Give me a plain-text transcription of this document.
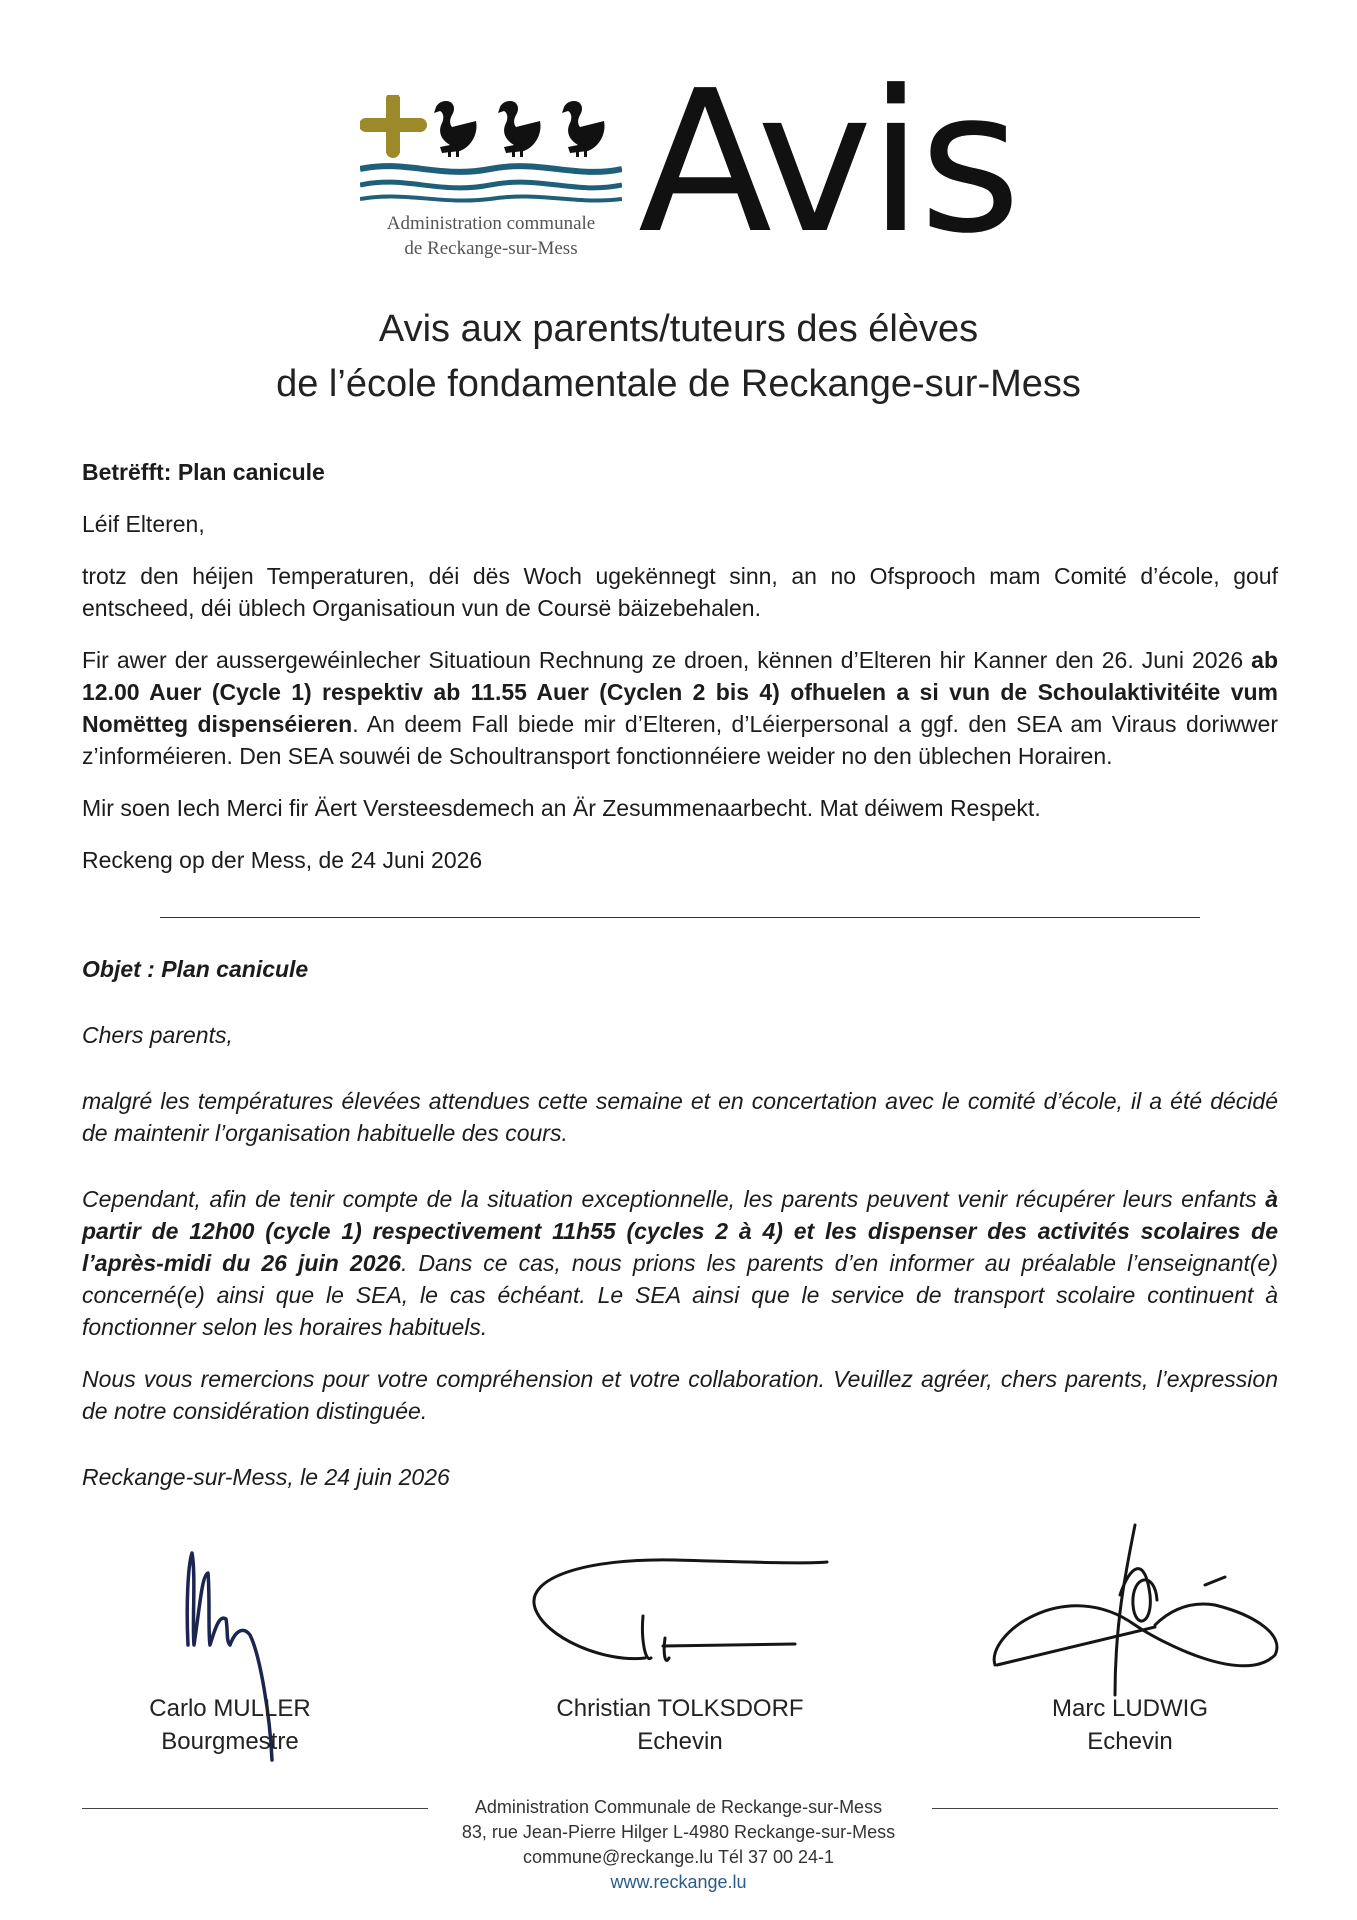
Administration communale
de Reckange-sur-Mess Avis
Avis aux parents/tuteurs des élèves
de l’école fondamentale de Reckange-sur-Mess

Betrëfft: Plan canicule

Léif Elteren,

trotz den héijen Temperaturen, déi dës Woch ugekënnegt sinn, an no Ofsprooch mam Comité d’école, gouf entscheed, déi üblech Organisatioun vun de Coursë bäizebehalen.

Fir awer der aussergewéinlecher Situatioun Rechnung ze droen, kënnen d’Elteren hir Kanner den 26. Juni 2026 ab 12.00 Auer (Cycle 1) respektiv ab 11.55 Auer (Cyclen 2 bis 4) ofhuelen a si vun de Schoulaktivitéite vum Nomëtteg dispenséieren. An deem Fall biede mir d’Elteren, d’Léierpersonal a ggf. den SEA am Viraus doriwwer z’informéieren. Den SEA souwéi de Schoultransport fonctionnéiere weider no den üblechen Horairen.

Mir soen Iech Merci fir Äert Versteesdemech an Är Zesummenaarbecht. Mat déiwem Respekt.

Reckeng op der Mess, de 24 Juni 2026

Objet : Plan canicule

Chers parents,

malgré les températures élevées attendues cette semaine et en concertation avec le comité d’école, il a été décidé de maintenir l’organisation habituelle des cours.

Cependant, afin de tenir compte de la situation exceptionnelle, les parents peuvent venir récupérer leurs enfants à partir de 12h00 (cycle 1) respectivement 11h55 (cycles 2 à 4) et les dispenser des activités scolaires de l’après-midi du 26 juin 2026. Dans ce cas, nous prions les parents d’en informer au préalable l’enseignant(e) concerné(e) ainsi que le SEA, le cas échéant. Le SEA ainsi que le service de transport scolaire continuent à fonctionner selon les horaires habituels.

Nous vous remercions pour votre compréhension et votre collaboration. Veuillez agréer, chers parents, l’expression de notre considération distinguée.

Reckange-sur-Mess, le 24 juin 2026

Carlo MULLER
Bourgmestre
Christian TOLKSDORF
Echevin
Marc LUDWIG
Echevin
Administration Communale de Reckange-sur-Mess
83, rue Jean-Pierre Hilger L-4980 Reckange-sur-Mess
commune@reckange.lu Tél 37 00 24-1
www.reckange.lu
